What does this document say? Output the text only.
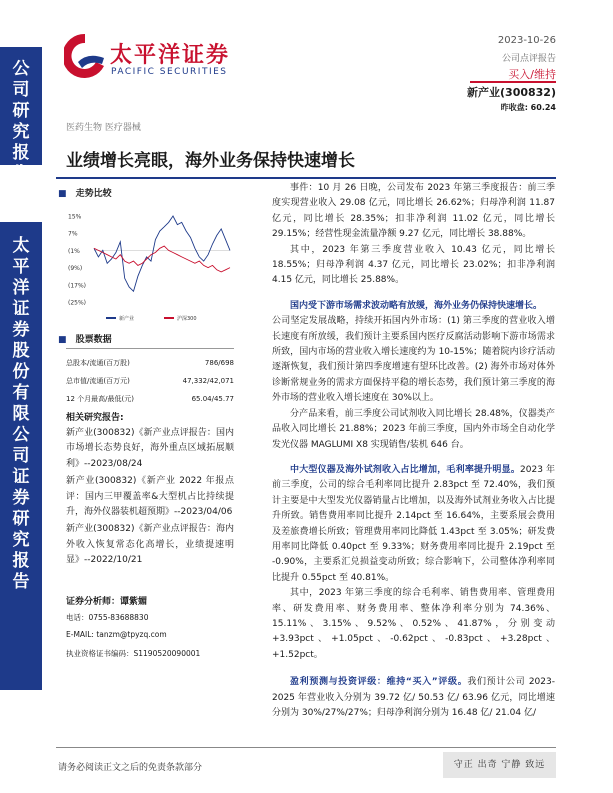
公司研究报告
太平洋证券股份有限公司证券研究报告
太平洋证券
PACIFIC SECURITIES
2023-10-26
公司点评报告
买入/维持
新产业(300832)
昨收盘: 60.24
医药生物 医疗器械
业绩增长亮眼，海外业务保持快速增长
■ 走势比较
15%
7%
(1%
(9%)
(17%)
(25%)
新产业	沪深300
■ 股票数据
总股本/流通(百万股)	786/698
总市值/流通(百万元)	47,332/42,071
12 个月最高/最低(元)	65.04/45.77
相关研究报告:
新产业(300832)《新产业点评报告：国内市场增长态势良好，海外重点区域拓展顺利》--2023/08/24
新产业(300832)《新产业 2022 年报点评：国内三甲覆盖率&大型机占比持续提升，海外仪器装机超预期》--2023/04/06
新产业(300832)《新产业点评报告：海内外收入恢复常态化高增长，业绩提速明显》--2022/10/21
证券分析师：谭紫媚
电话：0755-83688830
E-MAIL: tanzm@tpyzq.com
执业资格证书编码：S1190520090001
事件：10 月 26 日晚，公司发布 2023 年第三季度报告：前三季度实现营业收入 29.08 亿元，同比增长 26.62%；归母净利润 11.87 亿元，同比增长 28.35%；扣非净利润 11.02 亿元，同比增长 29.15%；经营性现金流量净额 9.27 亿元，同比增长 38.88%。
其中，2023 年第三季度营业收入 10.43 亿元，同比增长 18.55%；归母净利润 4.37 亿元，同比增长 23.02%；扣非净利润 4.15 亿元，同比增长 25.88%。
国内受下游市场需求波动略有放缓，海外业务仍保持快速增长。
公司坚定发展战略，持续开拓国内外市场：(1) 第三季度的营业收入增长速度有所放缓，我们预计主要系国内医疗反腐活动影响下游市场需求所致，国内市场的营业收入增长速度约为 10-15%；随着院内诊疗活动逐渐恢复，我们预计第四季度增速有望环比改善。(2) 海外市场对体外诊断常规业务的需求方面保持平稳的增长态势，我们预计第三季度的海外市场的营业收入增长速度在 30%以上。
分产品来看，前三季度公司试剂收入同比增长 28.48%，仪器类产品收入同比增长 21.88%；2023 年前三季度，国内外市场全自动化学发光仪器 MAGLUMI X8 实现销售/装机 646 台。
中大型仪器及海外试剂收入占比增加，毛利率提升明显。2023 年前三季度，公司的综合毛利率同比提升 2.83pct 至 72.40%，我们预计主要是中大型发光仪器销量占比增加，以及海外试剂业务收入占比提升所致。销售费用率同比提升 2.14pct 至 16.64%，主要系展会费用及差旅费增长所致；管理费用率同比降低 1.43pct 至 3.05%；研发费用率同比降低 0.40pct 至 9.33%；财务费用率同比提升 2.19pct 至 -0.90%，主要系汇兑损益变动所致；综合影响下，公司整体净利率同比提升 0.55pct 至 40.81%。
其中，2023 年第三季度的综合毛利率、销售费用率、管理费用率、研发费用率、财务费用率、整体净利率分别为 74.36%、15.11%、3.15%、9.52%、0.52%、41.87%，分别变动+3.93pct、+1.05pct、-0.62pct、-0.83pct、+3.28pct、+1.52pct。
盈利预测与投资评级：维持“买入”评级。我们预计公司 2023-2025 年营业收入分别为 39.72 亿/ 50.53 亿/ 63.96 亿元，同比增速分别为 30%/27%/27%；归母净利润分别为 16.48 亿/ 21.04 亿/
请务必阅读正文之后的免责条款部分	守正 出奇 宁静 致远
